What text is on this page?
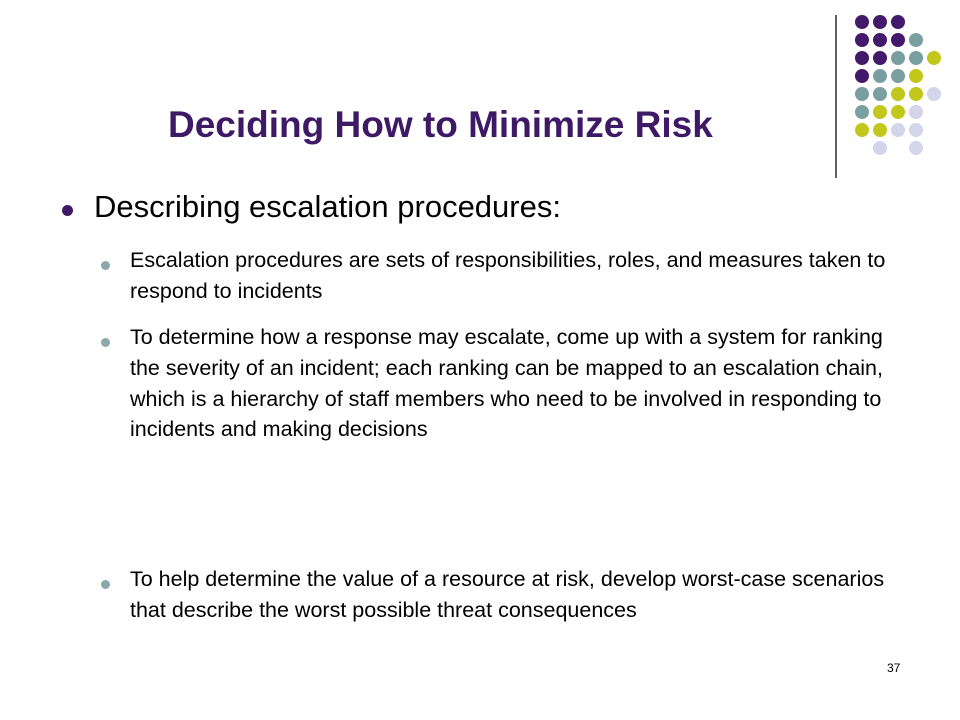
Deciding How to Minimize Risk
Describing escalation procedures:
Escalation procedures are sets of responsibilities, roles, and measures taken to respond to incidents
To determine how a response may escalate, come up with a system for ranking the severity of an incident; each ranking can be mapped to an escalation chain, which is a hierarchy of staff members who need to be involved in responding to incidents and making decisions
To help determine the value of a resource at risk, develop worst-case scenarios that describe the worst possible threat consequences
37
